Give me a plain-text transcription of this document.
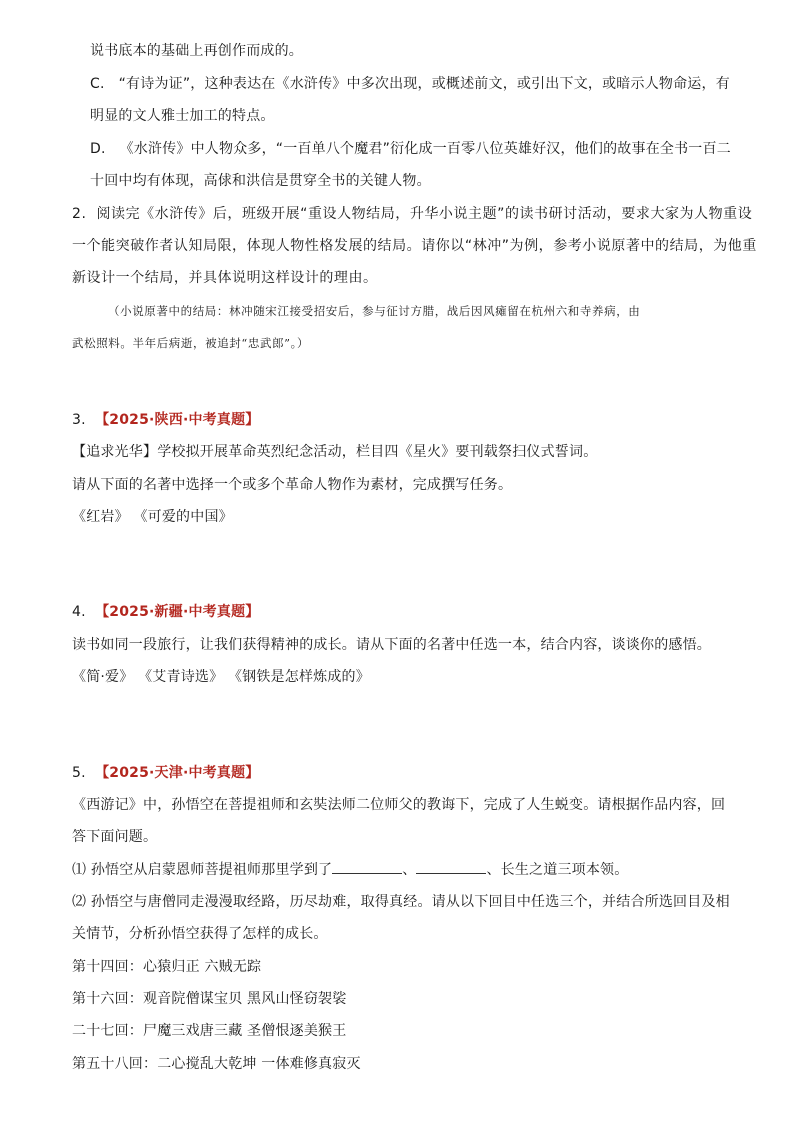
说书底本的基础上再创作而成的。
C. “有诗为证”，这种表达在《水浒传》中多次出现，或概述前文，或引出下文，或暗示人物命运，有
明显的文人雅士加工的特点。
D. 《水浒传》中人物众多，“一百单八个魔君”衍化成一百零八位英雄好汉，他们的故事在全书一百二
十回中均有体现，高俅和洪信是贯穿全书的关键人物。
2. 阅读完《水浒传》后，班级开展“重设人物结局，升华小说主题”的读书研讨活动，要求大家为人物重设
一个能突破作者认知局限，体现人物性格发展的结局。请你以“林冲”为例，参考小说原著中的结局，为他重
新设计一个结局，并具体说明这样设计的理由。
（小说原著中的结局：林冲随宋江接受招安后，参与征讨方腊，战后因风瘫留在杭州六和寺养病，由
武松照料。半年后病逝，被追封“忠武郎”。）
3. 【2025·陕西·中考真题】
【追求光华】学校拟开展革命英烈纪念活动，栏目四《星火》要刊载祭扫仪式誓词。
请从下面的名著中选择一个或多个革命人物作为素材，完成撰写任务。
《红岩》 《可爱的中国》
4. 【2025·新疆·中考真题】
读书如同一段旅行，让我们获得精神的成长。请从下面的名著中任选一本，结合内容，谈谈你的感悟。
《简·爱》 《艾青诗选》 《钢铁是怎样炼成的》
5. 【2025·天津·中考真题】
《西游记》中，孙悟空在菩提祖师和玄奘法师二位师父的教诲下，完成了人生蜕变。请根据作品内容，回
答下面问题。
⑴ 孙悟空从启蒙恩师菩提祖师那里学到了	、	、长生之道三项本领。
⑵ 孙悟空与唐僧同走漫漫取经路，历尽劫难，取得真经。请从以下回目中任选三个，并结合所选回目及相
关情节，分析孙悟空获得了怎样的成长。
第十四回：心猿归正 六贼无踪
第十六回：观音院僧谋宝贝 黑风山怪窃袈裟
二十七回：尸魔三戏唐三藏 圣僧恨逐美猴王
第五十八回：二心搅乱大乾坤 一体难修真寂灭
